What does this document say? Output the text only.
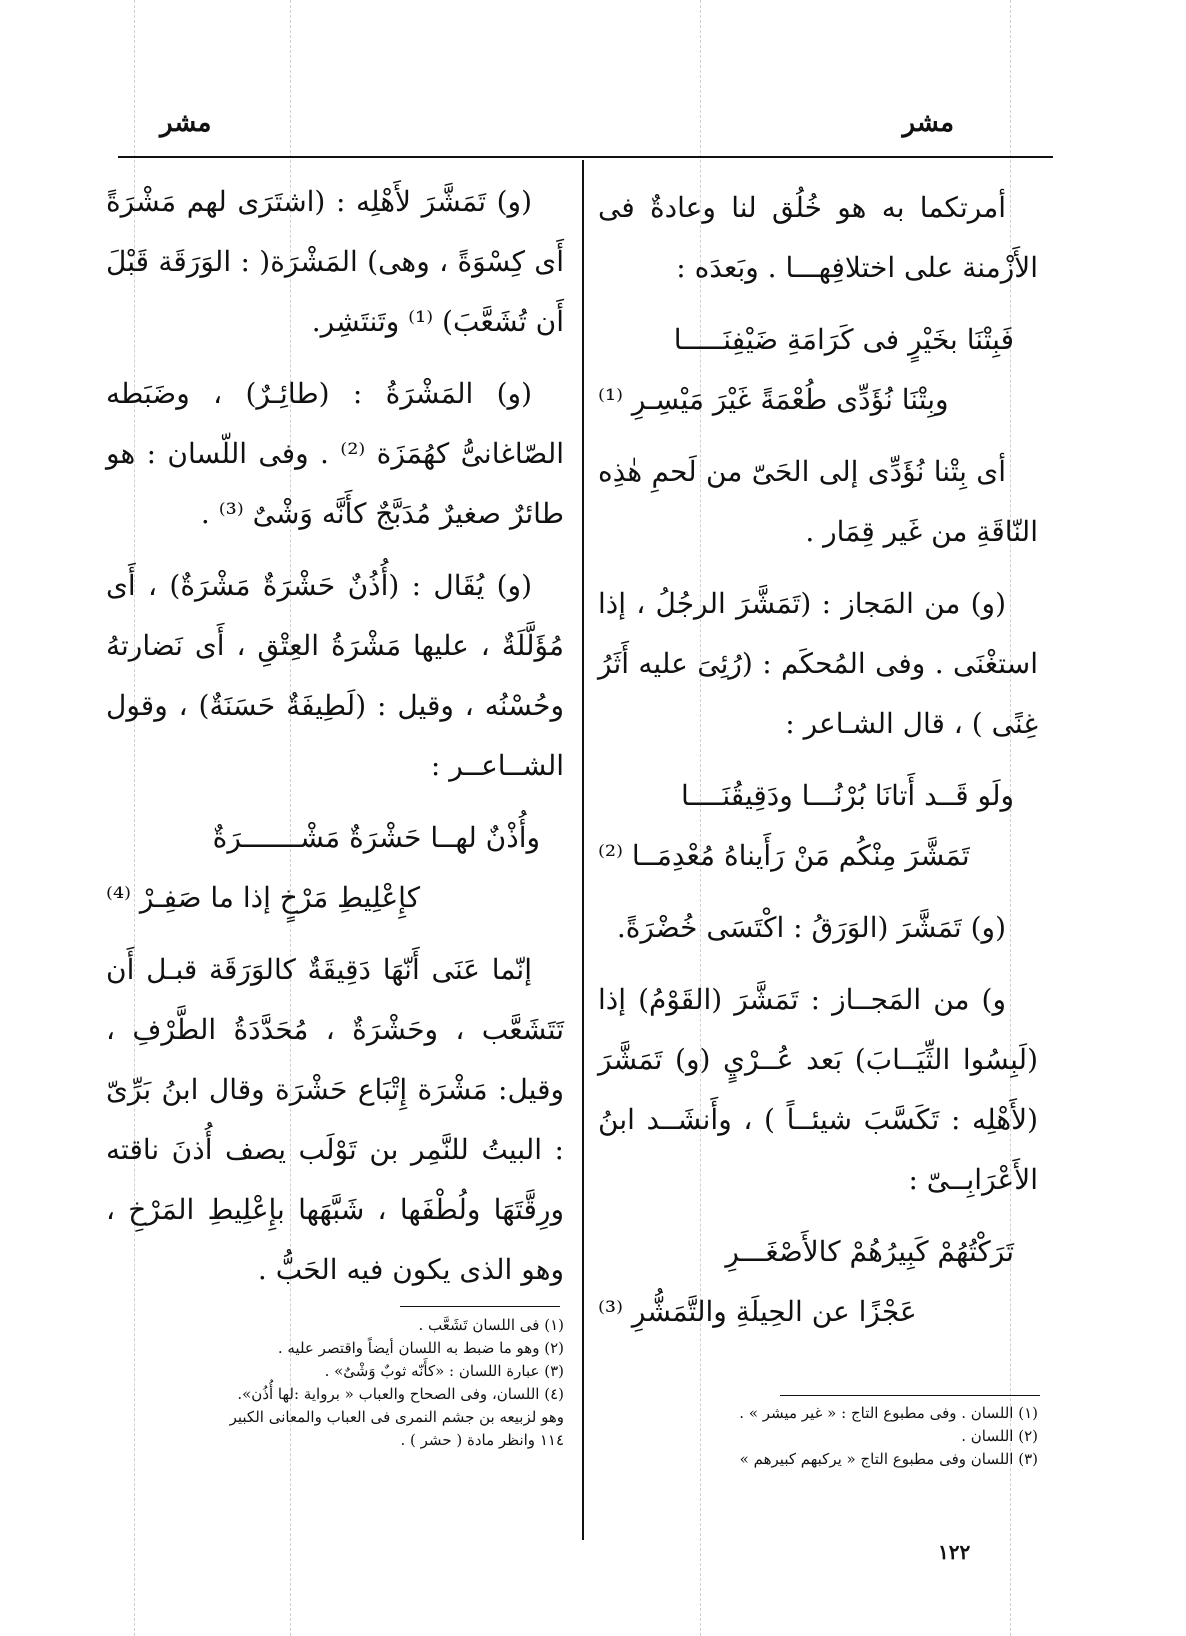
مشر
مشر

أمرتكما به هو خُلُق لنا وعادةٌ فى الأَزْمنة على اختلافِهـــا . وبَعدَه :

فَبِتْنَا بخَيْرٍ فى كَرَامَةِ ضَيْفِنَـــــا

وبِتْنَا نُؤَدِّى طُعْمَةً غَيْرَ مَيْسِـرِ ⁽¹⁾

أى بِتْنا نُؤَدِّى إلى الحَىّ من لَحمِ هٰذِه النّاقَةِ من غَير قِمَار .

(و) من المَجاز : (تَمَشَّرَ الرجُلُ ، إذا استغْنَى . وفى المُحكَم : (رُئِىَ عليه أَثَرُ غِنًى ) ، قال الشـاعر :

ولَو قَــد أَتانَا بُرْنُـــا ودَقِيقُنَــــا

تَمَشَّرَ مِنْكُم مَنْ رَأَيناهُ مُعْدِمَــا ⁽²⁾

(و) تَمَشَّرَ (الوَرَقُ : اكْتَسَى خُضْرَةً.

و) من المَجــاز : تَمَشَّرَ (القَوْمُ) إذا (لَبِسُوا الثِّيَــابَ) بَعد عُــرْيٍ (و) تَمَشَّرَ (لأَهْلِه : تَكَسَّبَ شيئــاً ) ، وأَنشَــد ابنُ الأَعْرَابِــىّ :

تَرَكْتُهُمْ كَبِيرُهُمْ كالأَصْغَـــرِ

عَجْزًا عن الحِيلَةِ والتَّمَشُّرِ ⁽³⁾

(١) اللسان . وفى مطبوع التاج : « غير ميشر » .

(٢) اللسان .

(٣) اللسان وفى مطبوع التاج « يركبهم كبيرهم »

(و) تَمَشَّرَ لأَهْلِه : (اشتَرَى لهم مَشْرَةً أَى كِسْوَةً ، وهى) المَشْرَة( : الوَرَقَة قَبْلَ أَن تُشَعَّبَ) ⁽¹⁾ وتَنتَشِر.

(و) المَشْرَةُ : (طائِـرٌ) ، وضَبَطه الصّاغانىُّ كهُمَزَة ⁽²⁾ . وفى اللّسان : هو طائرٌ صغيرٌ مُدَبَّجٌ كأَنَّه وَشْىٌ ⁽³⁾ .

(و) يُقَال : (أُذُنٌ حَشْرَةٌ مَشْرَةٌ) ، أَى مُؤَلَّلَةٌ ، عليها مَشْرَةُ العِتْقِ ، أَى نَضارتهُ وحُسْنُه ، وقيل : (لَطِيفَةٌ حَسَنَةٌ) ، وقول الشــاعــر :

وأُذْنٌ لهــا حَشْرَةٌ مَشْـــــــرَةٌ

كإِعْلِيطِ مَرْخٍ إذا ما صَفِـرْ ⁽⁴⁾

إنّما عَنَى أَنّهَا دَقِيقَةٌ كالوَرَقَة قبـل أَن تَتَشَعَّب ، وحَشْرَةٌ ، مُحَدَّدَةُ الطَّرْفِ ، وقيل: مَشْرَة إِتْبَاع حَشْرَة وقال ابنُ بَرِّىّ : البيتُ للنَّمِر بن تَوْلَب يصف أُذنَ ناقته ورِقَّتَهَا ولُطْفَها ، شَبَّهَها بإِعْلِيطِ المَرْخِ ، وهو الذى يكون فيه الحَبُّ .

(١) فى اللسان تَشَعَّب .

(٢) وهو ما ضبط به اللسان أيضاً واقتصر عليه .

(٣) عبارة اللسان : «كأَنّه ثوبٌ وَشْىٌ» .

(٤) اللسان، وفى الصحاح والعباب « برواية :لها أُذُن».

وهو لزبيعه بن جشم النمرى فى العباب والمعانى الكبير

١١٤ وانظر مادة ( حشر ) .

١٢٢
